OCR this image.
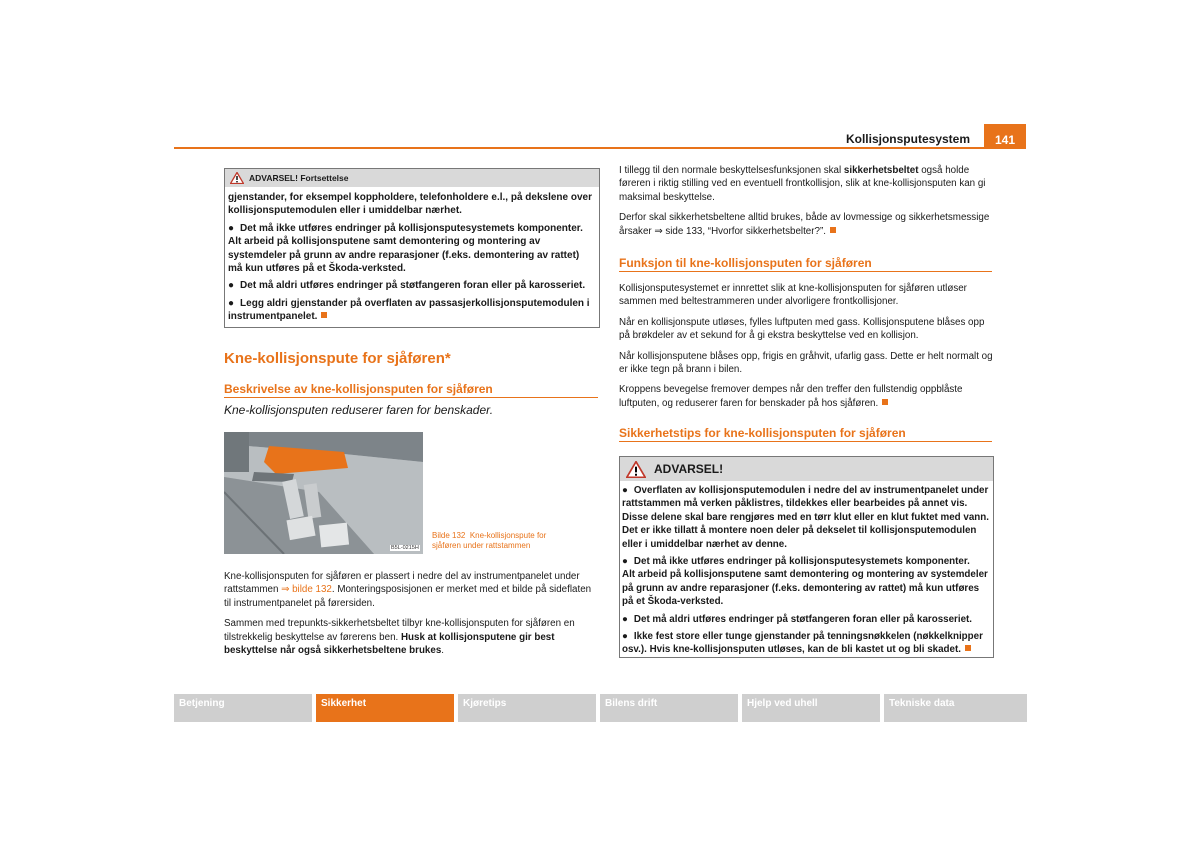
Kollisjonsputesystem	141
ADVARSEL! Fortsettelse

gjenstander, for eksempel koppholdere, telefonholdere e.l., på dekslene over kollisjonsputemodulen eller i umiddelbar nærhet.

● Det må ikke utføres endringer på kollisjonsputesystemets komponenter.

Alt arbeid på kollisjonsputene samt demontering og montering av systemdeler på grunn av andre reparasjoner (f.eks. demontering av rattet) må kun utføres på et Škoda-verksted.

● Det må aldri utføres endringer på støtfangeren foran eller på karosseriet.

● Legg aldri gjenstander på overflaten av passasjerkollisjonsputemodulen i instrumentpanelet.

Kne-kollisjonspute for sjåføren*
Beskrivelse av kne-kollisjonsputen for sjåføren
Kne-kollisjonsputen reduserer faren for benskader.
B5L-0215H
Bilde 132 Kne-kollisjonspute for
sjåføren under rattstammen

Kne-kollisjonsputen for sjåføren er plassert i nedre del av instrumentpanelet under rattstammen ⇒ bilde 132. Monteringsposisjonen er merket med et bilde på sideflaten til instrumentpanelet på førersiden.

Sammen med trepunkts-sikkerhetsbeltet tilbyr kne-kollisjonsputen for sjåføren en tilstrekkelig beskyttelse av førerens ben. Husk at kollisjonsputene gir best beskyttelse når også sikkerhetsbeltene brukes.

I tillegg til den normale beskyttelsesfunksjonen skal sikkerhetsbeltet også holde føreren i riktig stilling ved en eventuell frontkollisjon, slik at kne-kollisjonsputen kan gi maksimal beskyttelse.

Derfor skal sikkerhetsbeltene alltid brukes, både av lovmessige og sikkerhetsmessige årsaker ⇒ side 133, “Hvorfor sikkerhetsbelter?”.

Funksjon til kne-kollisjonsputen for sjåføren

Kollisjonsputesystemet er innrettet slik at kne-kollisjonsputen for sjåføren utløser sammen med beltestrammeren under alvorligere frontkollisjoner.

Når en kollisjonspute utløses, fylles luftputen med gass. Kollisjonsputene blåses opp på brøkdeler av et sekund for å gi ekstra beskyttelse ved en kollisjon.

Når kollisjonsputene blåses opp, frigis en gråhvit, ufarlig gass. Dette er helt normalt og er ikke tegn på brann i bilen.

Kroppens bevegelse fremover dempes når den treffer den fullstendig oppblåste luftputen, og reduserer faren for benskader på hos sjåføren.

Sikkerhetstips for kne-kollisjonsputen for sjåføren
ADVARSEL!

● Overflaten av kollisjonsputemodulen i nedre del av instrumentpanelet under rattstammen må verken påklistres, tildekkes eller bearbeides på annet vis. Disse delene skal bare rengjøres med en tørr klut eller en klut fuktet med vann. Det er ikke tillatt å montere noen deler på dekselet til kollisjonsputemodulen eller i umiddelbar nærhet av denne.

● Det må ikke utføres endringer på kollisjonsputesystemets komponenter.

Alt arbeid på kollisjonsputene samt demontering og montering av systemdeler på grunn av andre reparasjoner (f.eks. demontering av rattet) må kun utføres på et Škoda-verksted.

● Det må aldri utføres endringer på støtfangeren foran eller på karosseriet.

● Ikke fest store eller tunge gjenstander på tenningsnøkkelen (nøkkelknipper osv.). Hvis kne-kollisjonsputen utløses, kan de bli kastet ut og bli skadet.

Betjening	Sikkerhet	Kjøretips	Bilens drift	Hjelp ved uhell	Tekniske data
